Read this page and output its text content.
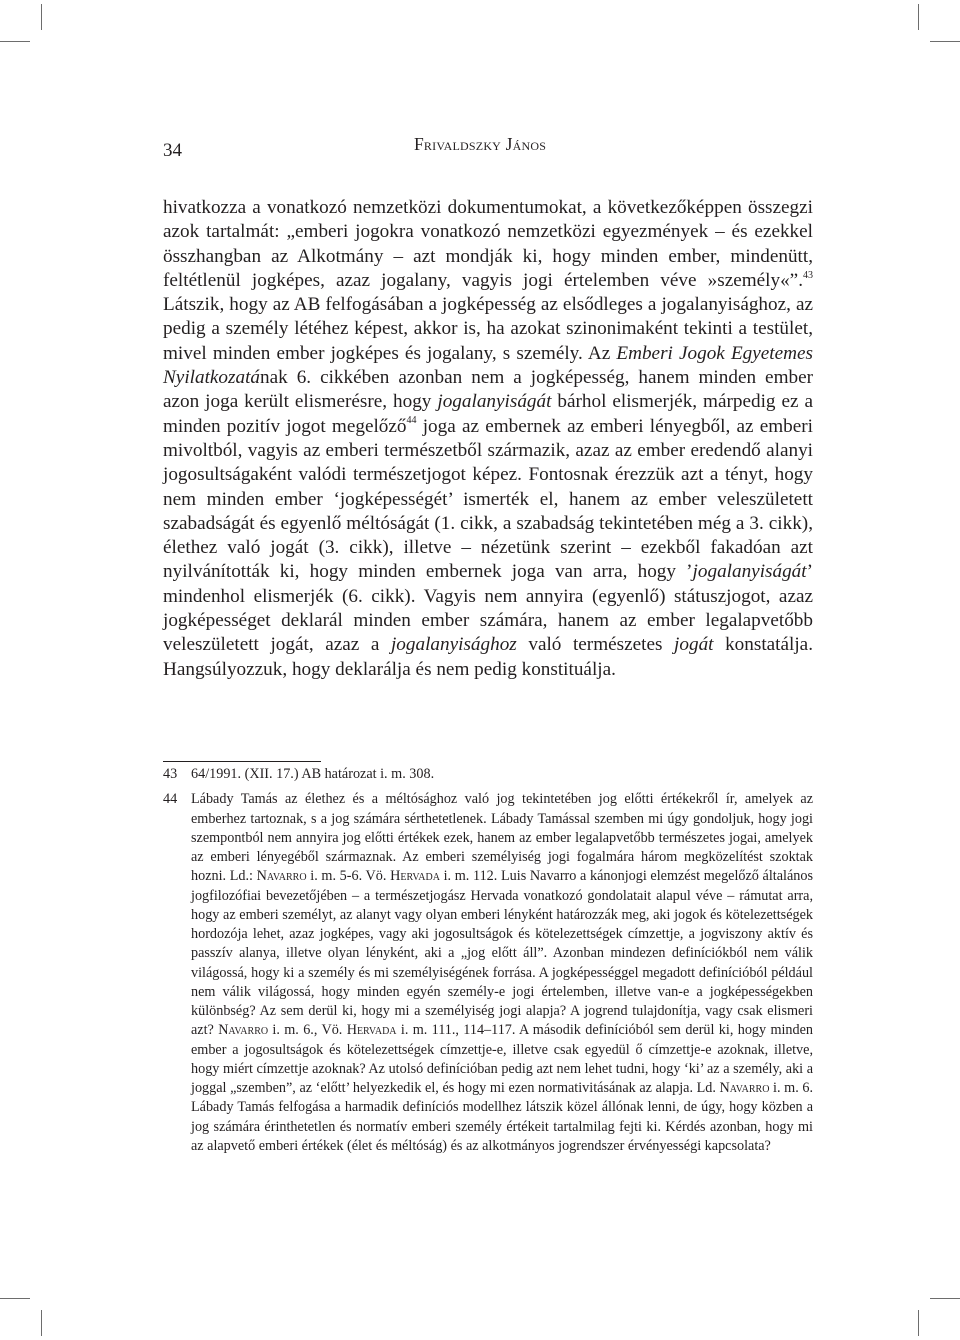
34	Frivaldszky János

hivatkozza a vonatkozó nemzetközi dokumentumokat, a következőképpen összegzi azok tartalmát: „emberi jogokra vonatkozó nemzetközi egyezmények – és ezekkel összhangban az Alkotmány – azt mondják ki, hogy minden ember, mindenütt, feltétlenül jogképes, azaz jogalany, vagyis jogi értelemben véve »személy«”.$^{43}$ Látszik, hogy az AB felfogásában a jogképesség az elsődleges a jogalanyisághoz, az pedig a személy létéhez képest, akkor is, ha azokat szinonimaként tekinti a testület, mivel minden ember jogképes és jogalany, s személy. Az Emberi Jogok Egyetemes Nyilatkozatának 6. cikkében azonban nem a jogképesség, hanem minden ember azon joga került elismerésre, hogy jogalanyiságát bárhol elismerjék, márpedig ez a minden pozitív jogot megelőző$^{44}$ joga az embernek az emberi lényegből, az emberi mivoltból, vagyis az emberi természetből származik, azaz az ember eredendő alanyi jogosultságaként valódi természetjogot képez. Fontosnak érezzük azt a tényt, hogy nem minden ember ‘jogképességét’ ismerték el, hanem az ember veleszületett szabadságát és egyenlő méltóságát (1. cikk, a szabadság tekintetében még a 3. cikk), élethez való jogát (3. cikk), illetve – nézetünk szerint – ezekből fakadóan azt nyilvánították ki, hogy minden embernek joga van arra, hogy ’jogalanyiságát’ mindenhol elismerjék (6. cikk). Vagyis nem annyira (egyenlő) státuszjogot, azaz jogképességet deklarál minden ember számára, hanem az ember legalapvetőbb veleszületett jogát, azaz a jogalanyisághoz való természetes jogát konstatálja. Hangsúlyozzuk, hogy deklarálja és nem pedig konstituálja.

43 64/1991. (XII. 17.) AB határozat i. m. 308.

44 Lábady Tamás az élethez és a méltósághoz való jog tekintetében jog előtti értékekről ír, amelyek az emberhez tartoznak, s a jog számára sérthetetlenek. Lábady Tamással szemben mi úgy gondoljuk, hogy jogi szempontból nem annyira jog előtti értékek ezek, hanem az ember legalapvetőbb természetes jogai, amelyek az emberi lényegéből származnak. Az emberi személyiség jogi fogalmára három megközelítést szoktak hozni. Ld.: Navarro i. m. 5-6. Vö. Hervada i. m. 112. Luis Navarro a kánonjogi elemzést megelőző általános jogfilozófiai bevezetőjében – a természetjogász Hervada vonatkozó gondolatait alapul véve – rámutat arra, hogy az emberi személyt, az alanyt vagy olyan emberi lényként határozzák meg, aki jogok és kötelezettségek hordozója lehet, azaz jogképes, vagy aki jogosultságok és kötelezettségek címzettje, a jogviszony aktív és passzív alanya, illetve olyan lényként, aki a „jog előtt áll”. Azonban mindezen definíciókból nem válik világossá, hogy ki a személy és mi személyiségének forrása. A jogképességgel megadott definícióból például nem válik világossá, hogy minden egyén személy-e jogi értelemben, illetve van-e a jogképességekben különbség? Az sem derül ki, hogy mi a személyiség jogi alapja? A jogrend tulajdonítja, vagy csak elismeri azt? Navarro i. m. 6., Vö. Hervada i. m. 111., 114–117. A második definícióból sem derül ki, hogy minden ember a jogosultságok és kötelezettségek címzettje-e, illetve csak egyedül ő címzettje-e azoknak, illetve, hogy miért címzettje azoknak? Az utolsó definícióban pedig azt nem lehet tudni, hogy ‘ki’ az a személy, aki a joggal „szemben”, az ‘előtt’ helyezkedik el, és hogy mi ezen normativitásának az alapja. Ld. Navarro i. m. 6. Lábady Tamás felfogása a harmadik definíciós modellhez látszik közel állónak lenni, de úgy, hogy közben a jog számára érinthetetlen és normatív emberi személy értékeit tartalmilag fejti ki. Kérdés azonban, hogy mi az alapvető emberi értékek (élet és méltóság) és az alkotmányos jogrendszer érvényességi kapcsolata?
